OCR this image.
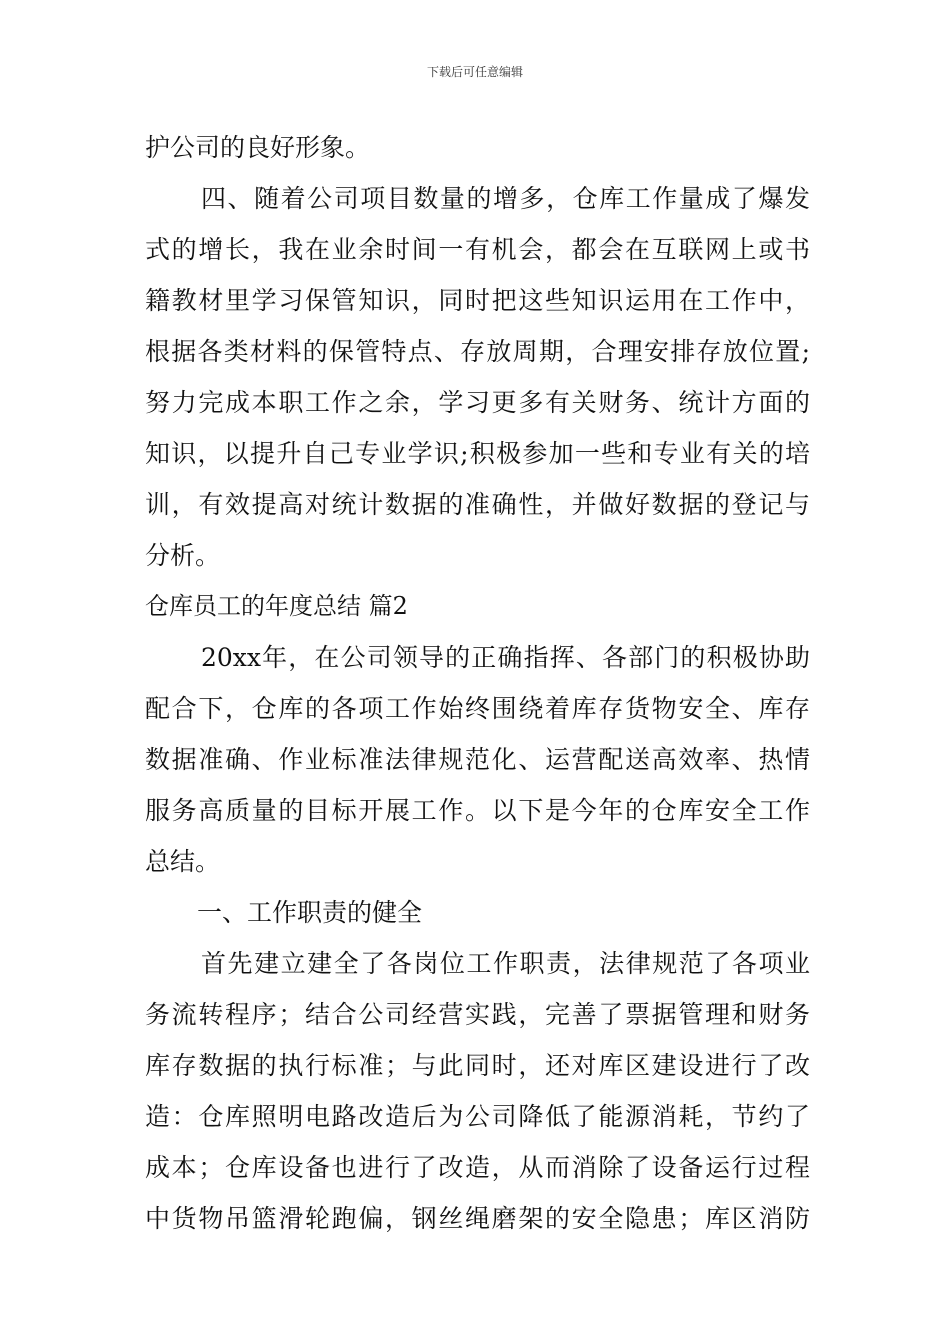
下载后可任意编辑
护公司的良好形象。
四、随着公司项目数量的增多，仓库工作量成了爆发
式的增长，我在业余时间一有机会，都会在互联网上或书
籍教材里学习保管知识，同时把这些知识运用在工作中，
根据各类材料的保管特点、存放周期，合理安排存放位置;
努力完成本职工作之余，学习更多有关财务、统计方面的
知识，以提升自己专业学识;积极参加一些和专业有关的培
训，有效提高对统计数据的准确性，并做好数据的登记与
分析。
仓库员工的年度总结 篇2
20xx年，在公司领导的正确指挥、各部门的积极协助
配合下，仓库的各项工作始终围绕着库存货物安全、库存
数据准确、作业标准法律规范化、运营配送高效率、热情
服务高质量的目标开展工作。以下是今年的仓库安全工作
总结。
一、工作职责的健全
首先建立建全了各岗位工作职责，法律规范了各项业
务流转程序；结合公司经营实践，完善了票据管理和财务
库存数据的执行标准；与此同时，还对库区建设进行了改
造：仓库照明电路改造后为公司降低了能源消耗，节约了
成本；仓库设备也进行了改造，从而消除了设备运行过程
中货物吊篮滑轮跑偏，钢丝绳磨架的安全隐患；库区消防
